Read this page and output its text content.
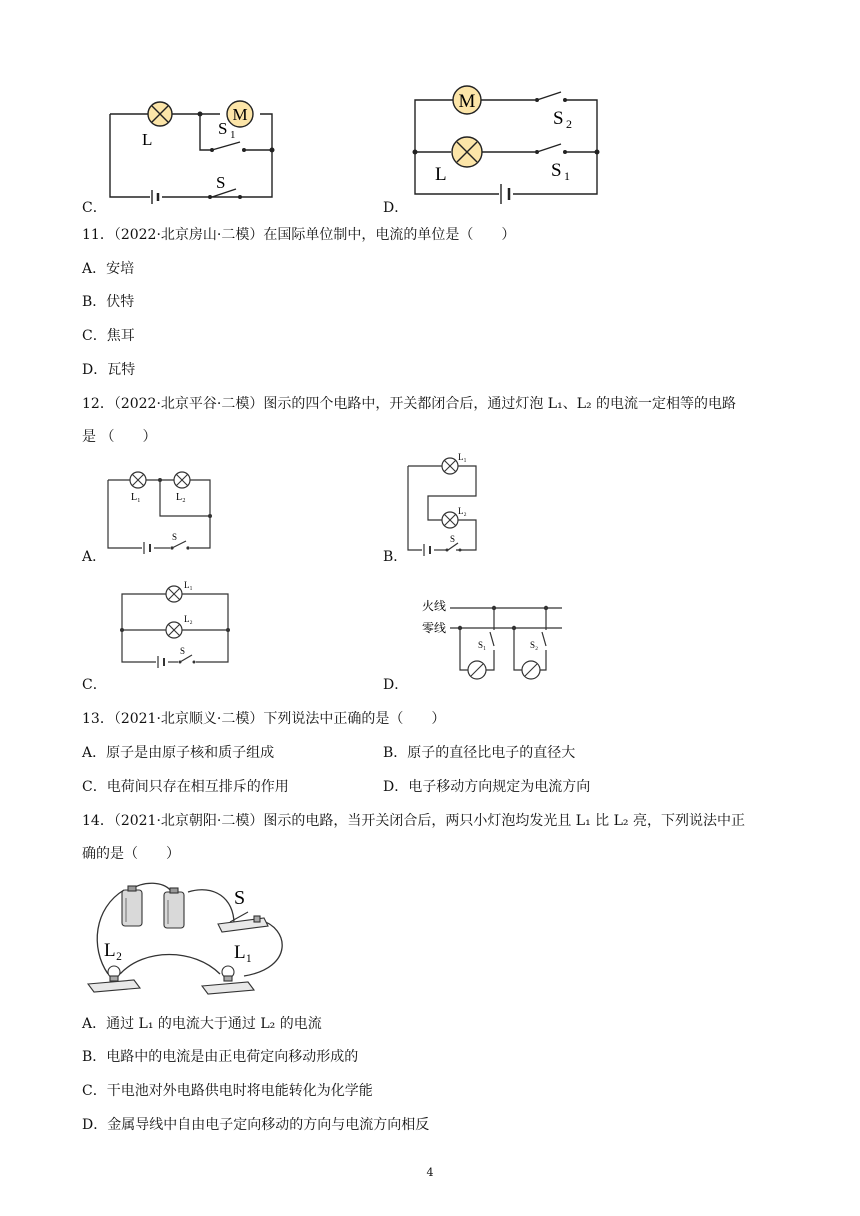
M
L
S 1
S
C．
M
L
S 2
S 1
D．
11．（2022·北京房山·二模）在国际单位制中，电流的单位是（　　）
A．安培
B．伏特
C．焦耳
D．瓦特
12．（2022·北京平谷·二模）图示的四个电路中，开关都闭合后，通过灯泡 L₁、L₂ 的电流一定相等的电路
是 （　　）
L₁	L₂
S
A．
L₁
L₂
S
B．
L₁
L₂
S
C．
火线
零线
S₁	S₂
D．
13．（2021·北京顺义·二模）下列说法中正确的是（　　）
A．原子是由原子核和质子组成	B．原子的直径比电子的直径大
C．电荷间只存在相互排斥的作用	D．电子移动方向规定为电流方向
14．（2021·北京朝阳·二模）图示的电路，当开关闭合后，两只小灯泡均发光且 L₁ 比 L₂ 亮，下列说法中正
确的是（　　）
S
L₂	L₁
A．通过 L₁ 的电流大于通过 L₂ 的电流
B．电路中的电流是由正电荷定向移动形成的
C．干电池对外电路供电时将电能转化为化学能
D．金属导线中自由电子定向移动的方向与电流方向相反
4
